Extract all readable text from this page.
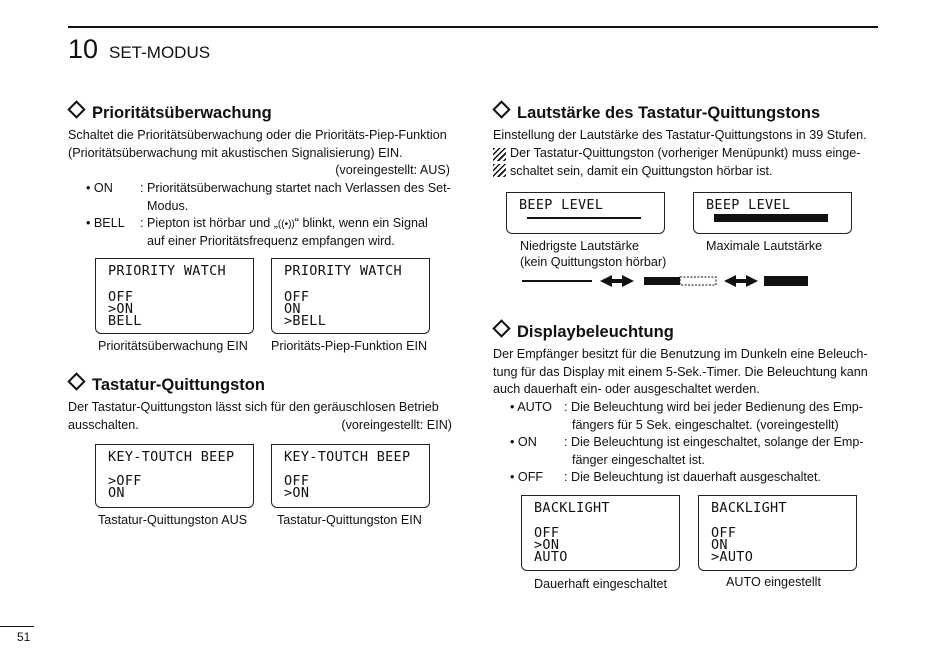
10 SET-MODUS
Prioritätsüberwachung
Schaltet die Prioritätsüberwachung oder die Prioritäts-Piep-Funktion
(Prioritätsüberwachung mit akustischen Signalisierung) EIN.
(voreingestellt: AUS)
• ON : Prioritätsüberwachung startet nach Verlassen des Set-
Modus.
• BELL : Piepton ist hörbar und „((•))“ blinkt, wenn ein Signal
auf einer Prioritätsfrequenz empfangen wird.

PRIORITY WATCH

OFF

>ON

BELL

PRIORITY WATCH

OFF

ON

>BELL

Prioritätsüberwachung EIN Prioritäts-Piep-Funktion EIN
Tastatur-Quittungston
Der Tastatur-Quittungston lässt sich für den geräuschlosen Betrieb
ausschalten.	(voreingestellt: EIN)

KEY-TOUTCH BEEP

>OFF

ON

KEY-TOUTCH BEEP

OFF

>ON

Tastatur-Quittungston AUS Tastatur-Quittungston EIN
Lautstärke des Tastatur-Quittungstons
Einstellung der Lautstärke des Tastatur-Quittungstons in 39 Stufen.
Der Tastatur-Quittungston (vorheriger Menüpunkt) muss einge-
schaltet sein, damit ein Quittungston hörbar ist.

BEEP LEVEL

	BEEP LEVEL

Niedrigste Lautstärke
(kein Quittungston hörbar)
Maximale Lautstärke
Displaybeleuchtung
Der Empfänger besitzt für die Benutzung im Dunkeln eine Beleuch-
tung für das Display mit einem 5-Sek.-Timer. Die Beleuchtung kann
auch dauerhaft ein- oder ausgeschaltet werden.
• AUTO : Die Beleuchtung wird bei jeder Bedienung des Emp-
fängers für 5 Sek. eingeschaltet. (voreingestellt)
• ON : Die Beleuchtung ist eingeschaltet, solange der Emp-
fänger eingeschaltet ist.
• OFF : Die Beleuchtung ist dauerhaft ausgeschaltet.

BACKLIGHT

OFF

>ON

AUTO

BACKLIGHT

OFF

ON

>AUTO

Dauerhaft eingeschaltet	AUTO eingestellt
51
